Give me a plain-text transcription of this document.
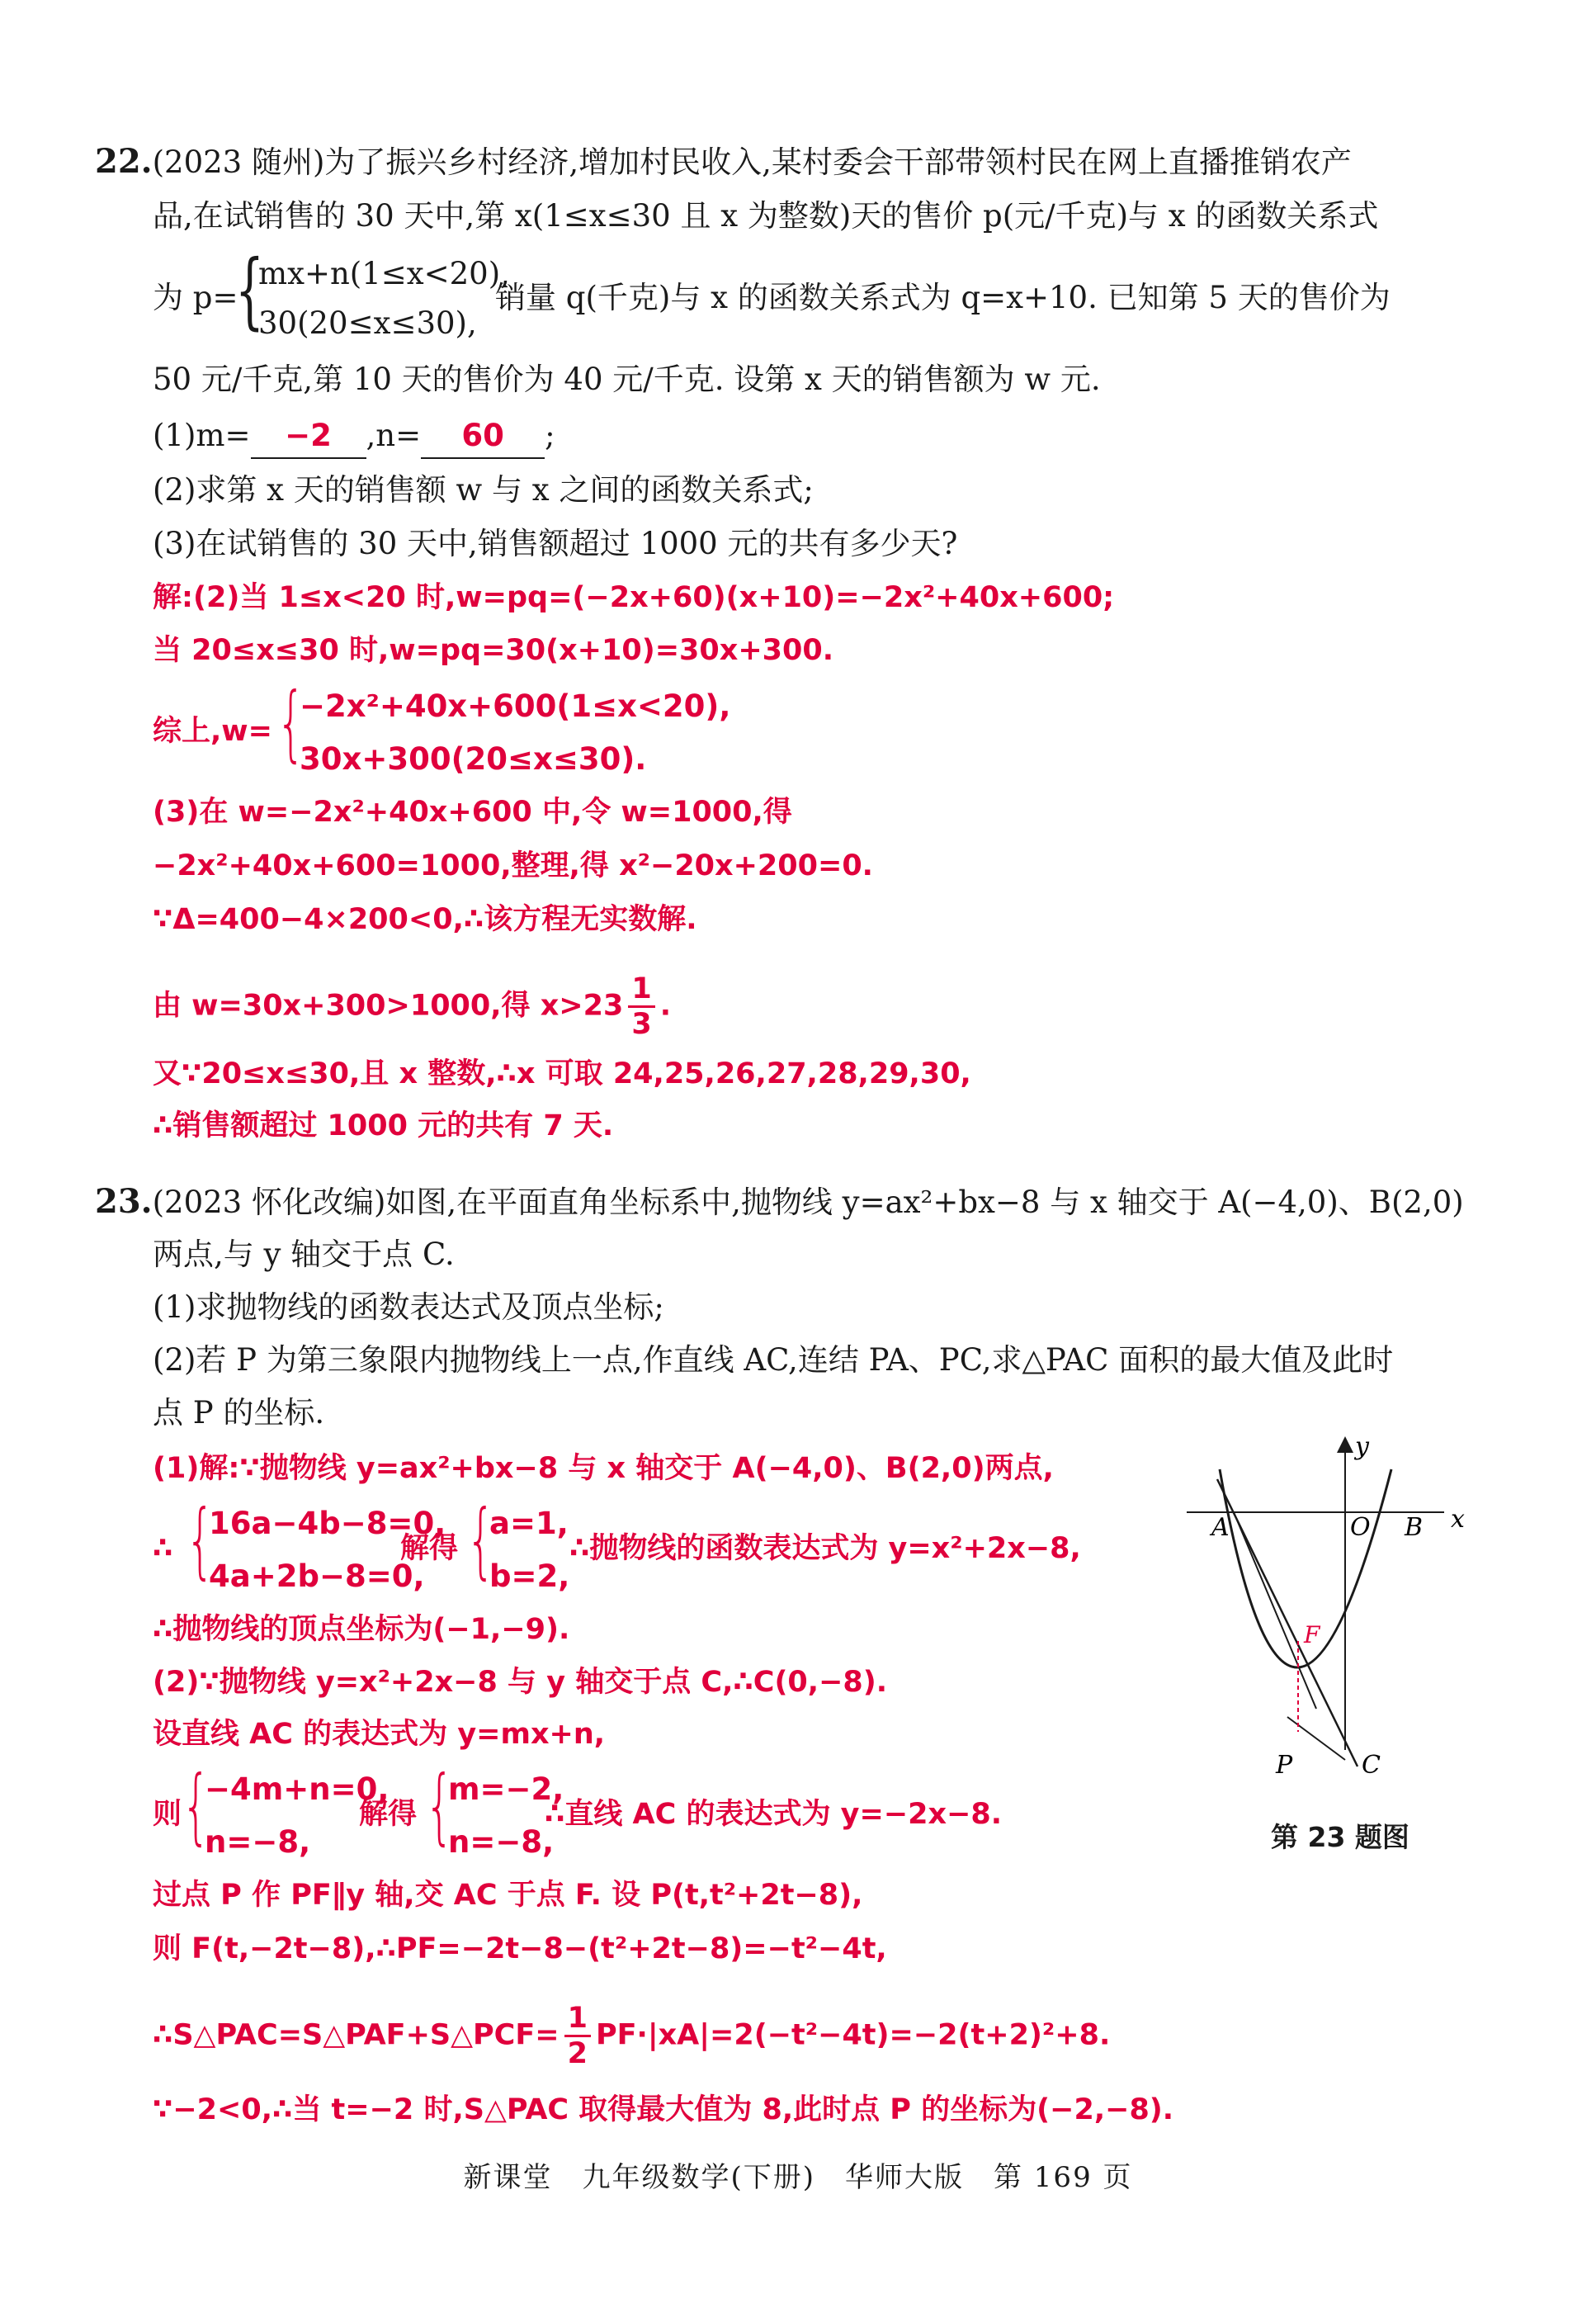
22.(2023 随州)为了振兴乡村经济,增加村民收入,某村委会干部带领村民在网上直播推销农产
品,在试销售的 30 天中,第 x(1≤x≤30 且 x 为整数)天的售价 p(元/千克)与 x 的函数关系式
为 p=
{
mx+n(1≤x<20),
30(20≤x≤30),
销量 q(千克)与 x 的函数关系式为 q=x+10. 已知第 5 天的售价为
50 元/千克,第 10 天的售价为 40 元/千克. 设第 x 天的销售额为 w 元.
(1)m= −2 ,n= 60 ;
(2)求第 x 天的销售额 w 与 x 之间的函数关系式;
(3)在试销售的 30 天中,销售额超过 1000 元的共有多少天?
解:(2)当 1≤x<20 时,w=pq=(−2x+60)(x+10)=−2x²+40x+600;
当 20≤x≤30 时,w=pq=30(x+10)=30x+300.
综上,w= {
−2x²+40x+600(1≤x<20),
30x+300(20≤x≤30).
(3)在 w=−2x²+40x+600 中,令 w=1000,得
−2x²+40x+600=1000,整理,得 x²−20x+200=0.
∵Δ=400−4×200<0,∴该方程无实数解.
由 w=30x+300>1000,得 $x>23 \frac{1}{3}$ .
又∵20≤x≤30,且 x 整数,∴x 可取 24,25,26,27,28,29,30,
∴销售额超过 1000 元的共有 7 天.
23.(2023 怀化改编)如图,在平面直角坐标系中,抛物线 y=ax²+bx−8 与 x 轴交于 A(−4,0)、B(2,0)
两点,与 y 轴交于点 C.
(1)求抛物线的函数表达式及顶点坐标;
(2)若 P 为第三象限内抛物线上一点,作直线 AC,连结 PA、PC,求△PAC 面积的最大值及此时
点 P 的坐标.
(1)解:∵抛物线 y=ax²+bx−8 与 x 轴交于 A(−4,0)、B(2,0)两点,
∴ {
16a−4b−8=0,
4a+2b−8=0,
解得 {
a=1,
b=2,
∴抛物线的函数表达式为 y=x²+2x−8,
∴抛物线的顶点坐标为(−1,−9).
(2)∵抛物线 y=x²+2x−8 与 y 轴交于点 C,∴C(0,−8).
设直线 AC 的表达式为 y=mx+n,
则 {
−4m+n=0,
n=−8,
解得 {
m=−2,
n=−8,
∴直线 AC 的表达式为 y=−2x−8.
过点 P 作 PF∥y 轴,交 AC 于点 F. 设 P(t,t²+2t−8),
则 F(t,−2t−8),∴PF=−2t−8−(t²+2t−8)=−t²−4t,
∴S△PAC=S△PAF+S△PCF= $\frac{1}{2} PF\cdot|xA|=2(-t^2-4t)=-2(t+2)^2+8$.
∵−2<0,∴当 t=−2 时,S△PAC 取得最大值为 8,此时点 P 的坐标为(−2,−8).
y
x
A	O B
F
P	C
第 23 题图
新课堂　九年级数学(下册)　华师大版　第 169 页
